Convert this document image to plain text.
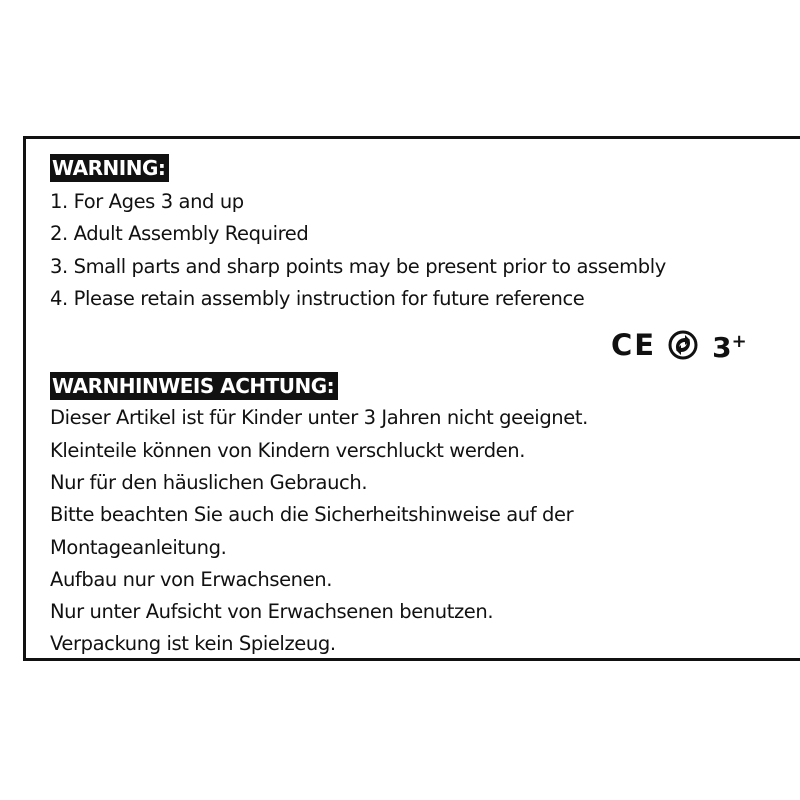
WARNING:
1. For Ages 3 and up
2. Adult Assembly Required
3. Small parts and sharp points may be present prior to assembly
4. Please retain assembly instruction for future reference
CE 3+
WARNHINWEIS ACHTUNG:
Dieser Artikel ist für Kinder unter 3 Jahren nicht geeignet.
Kleinteile können von Kindern verschluckt werden.
Nur für den häuslichen Gebrauch.
Bitte beachten Sie auch die Sicherheitshinweise auf der
Montageanleitung.
Aufbau nur von Erwachsenen.
Nur unter Aufsicht von Erwachsenen benutzen.
Verpackung ist kein Spielzeug.
